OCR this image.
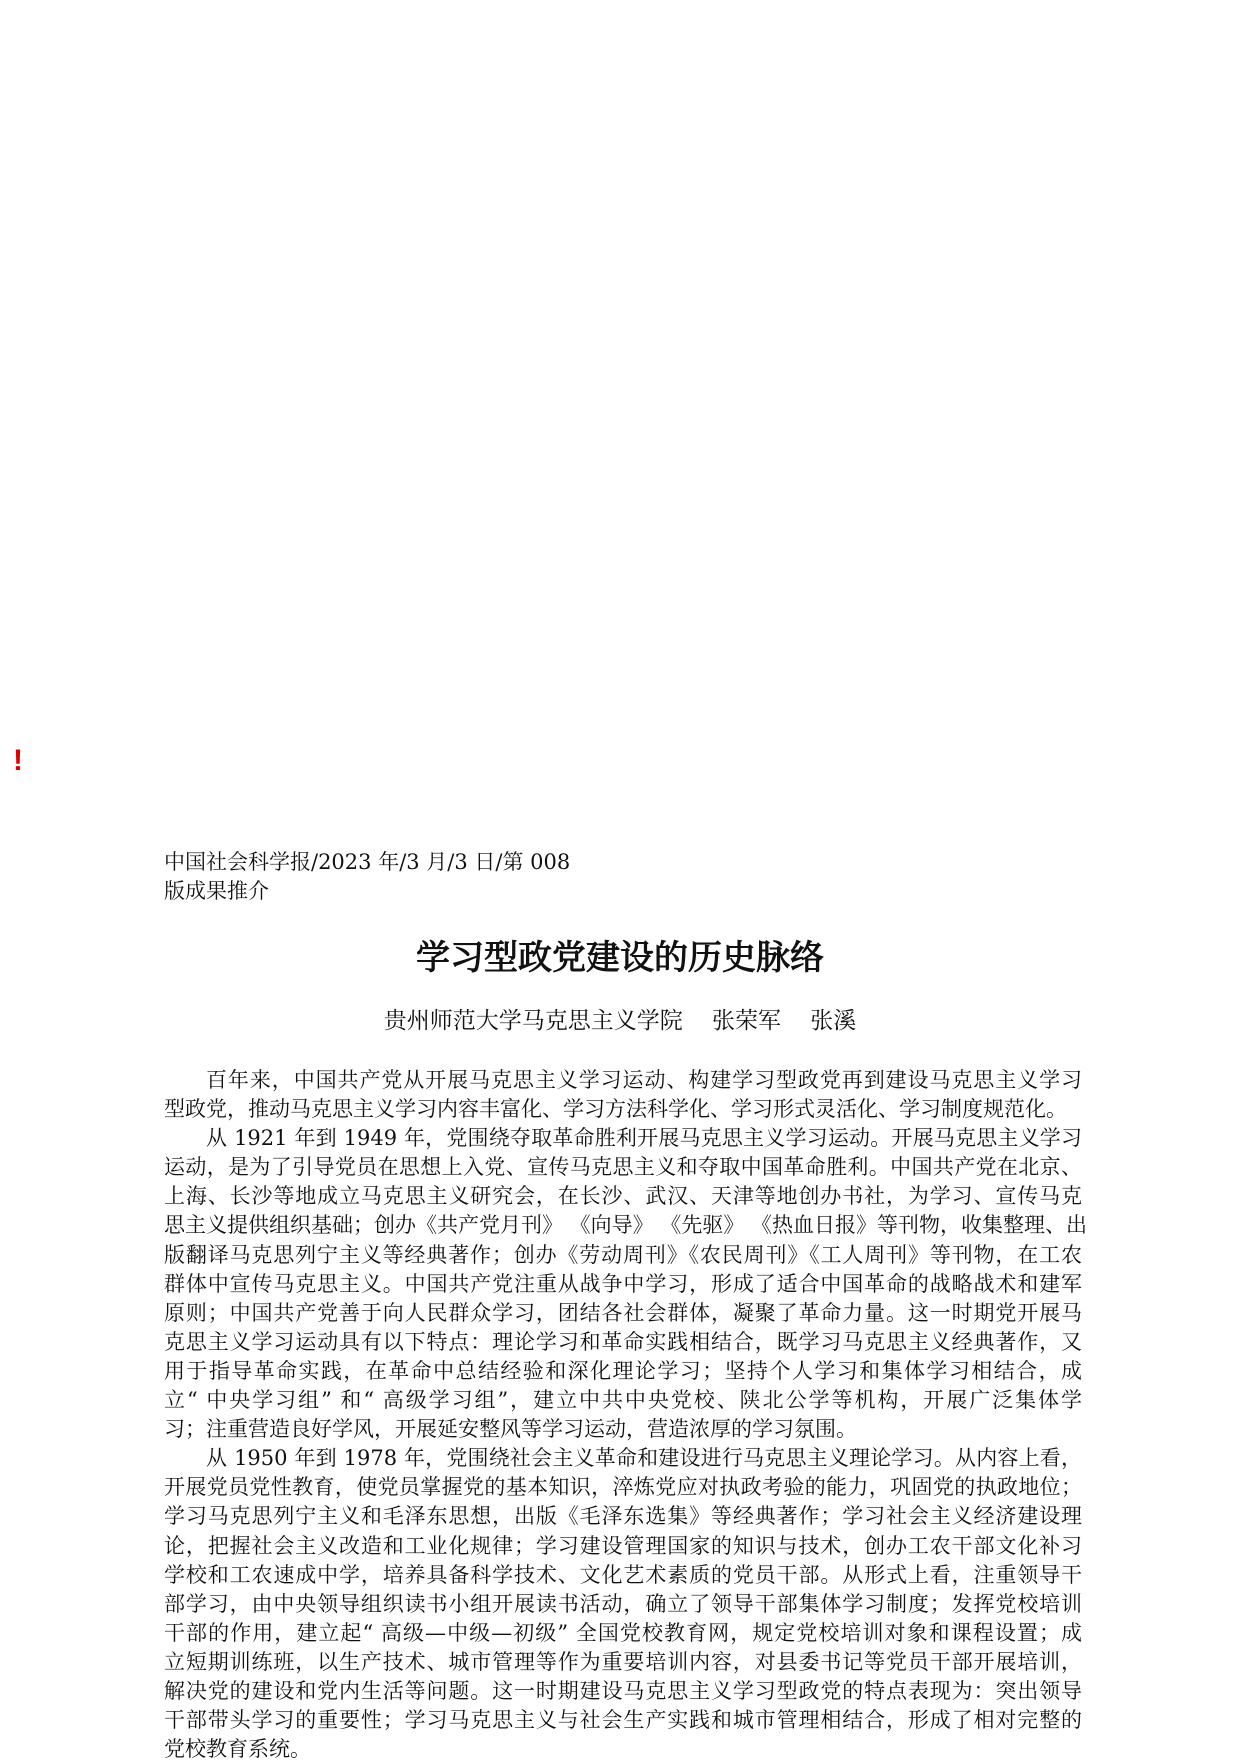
!
中国社会科学报/2023 年/3 月/3 日/第 008
版成果推介
学习型政党建设的历史脉络
贵州师范大学马克思主义学院    张荣军    张溪
百年来，中国共产党从开展马克思主义学习运动、构建学习型政党再到建设马克思主义学习
型政党，推动马克思主义学习内容丰富化、学习方法科学化、学习形式灵活化、学习制度规范化。
从 1921 年到 1949 年，党围绕夺取革命胜利开展马克思主义学习运动。开展马克思主义学习
运动，是为了引导党员在思想上入党、宣传马克思主义和夺取中国革命胜利。中国共产党在北京、
上海、长沙等地成立马克思主义研究会，在长沙、武汉、天津等地创办书社，为学习、宣传马克
思主义提供组织基础；创办《共产党月刊》 《向导》 《先驱》 《热血日报》等刊物，收集整理、出
版翻译马克思列宁主义等经典著作；创办《劳动周刊》《农民周刊》《工人周刊》等刊物，在工农
群体中宣传马克思主义。中国共产党注重从战争中学习，形成了适合中国革命的战略战术和建军
原则；中国共产党善于向人民群众学习，团结各社会群体，凝聚了革命力量。这一时期党开展马
克思主义学习运动具有以下特点：理论学习和革命实践相结合，既学习马克思主义经典著作，又
用于指导革命实践，在革命中总结经验和深化理论学习；坚持个人学习和集体学习相结合，成
立“ 中央学习组” 和“ 高级学习组”，建立中共中央党校、陕北公学等机构，开展广泛集体学
习；注重营造良好学风，开展延安整风等学习运动，营造浓厚的学习氛围。
从 1950 年到 1978 年，党围绕社会主义革命和建设进行马克思主义理论学习。从内容上看，
开展党员党性教育，使党员掌握党的基本知识，淬炼党应对执政考验的能力，巩固党的执政地位；
学习马克思列宁主义和毛泽东思想，出版《毛泽东选集》等经典著作；学习社会主义经济建设理
论，把握社会主义改造和工业化规律；学习建设管理国家的知识与技术，创办工农干部文化补习
学校和工农速成中学，培养具备科学技术、文化艺术素质的党员干部。从形式上看，注重领导干
部学习，由中央领导组织读书小组开展读书活动，确立了领导干部集体学习制度；发挥党校培训
干部的作用，建立起“ 高级—中级—初级” 全国党校教育网，规定党校培训对象和课程设置；成
立短期训练班，以生产技术、城市管理等作为重要培训内容，对县委书记等党员干部开展培训，
解决党的建设和党内生活等问题。这一时期建设马克思主义学习型政党的特点表现为：突出领导
干部带头学习的重要性；学习马克思主义与社会生产实践和城市管理相结合，形成了相对完整的
党校教育系统。
